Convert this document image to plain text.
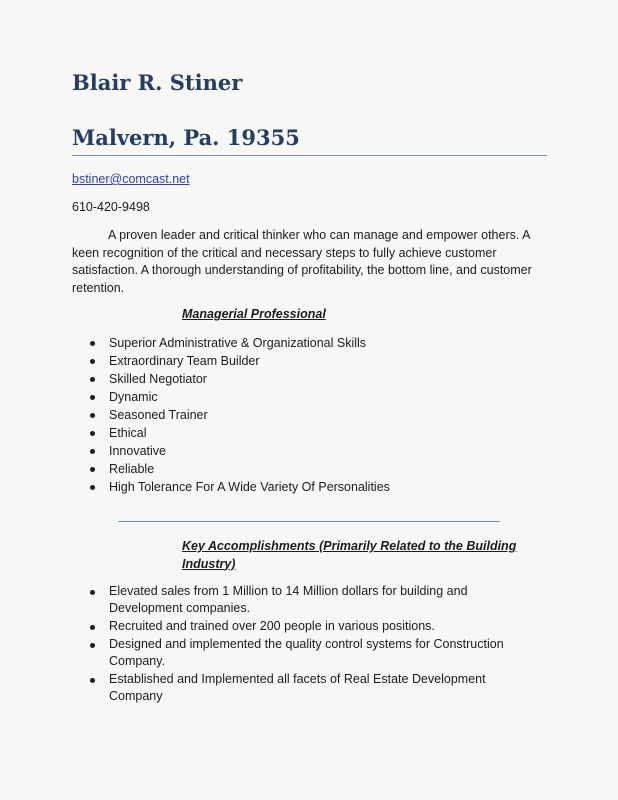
Blair R. Stiner
Malvern, Pa. 19355
bstiner@comcast.net
610-420-9498

A proven leader and critical thinker who can manage and empower others. A keen recognition of the critical and necessary steps to fully achieve customer satisfaction. A thorough understanding of profitability, the bottom line, and customer retention.

Managerial Professional
Superior Administrative & Organizational Skills
Extraordinary Team Builder
Skilled Negotiator
Dynamic
Seasoned Trainer
Ethical
Innovative
Reliable
High Tolerance For A Wide Variety Of Personalities
Key Accomplishments (Primarily Related to the Building Industry)
Elevated sales from 1 Million to 14 Million dollars for building and Development companies.
Recruited and trained over 200 people in various positions.
Designed and implemented the quality control systems for Construction Company.
Established and Implemented all facets of Real Estate Development Company
